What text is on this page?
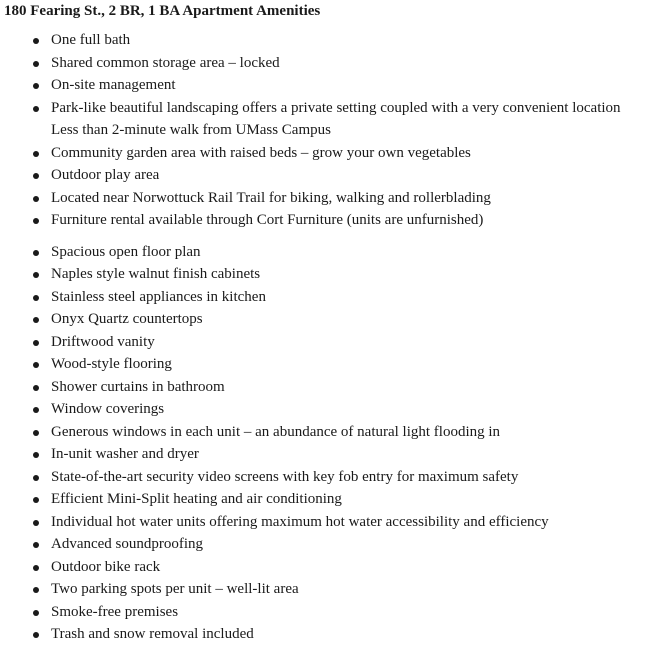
180 Fearing St., 2 BR, 1 BA Apartment Amenities
One full bath
Shared common storage area – locked
On-site management
Park-like beautiful landscaping offers a private setting coupled with a very convenient location
Less than 2-minute walk from UMass Campus
Community garden area with raised beds – grow your own vegetables
Outdoor play area
Located near Norwottuck Rail Trail for biking, walking and rollerblading
Furniture rental available through Cort Furniture (units are unfurnished)
Spacious open floor plan
Naples style walnut finish cabinets
Stainless steel appliances in kitchen
Onyx Quartz countertops
Driftwood vanity
Wood-style flooring
Shower curtains in bathroom
Window coverings
Generous windows in each unit – an abundance of natural light flooding in
In-unit washer and dryer
State-of-the-art security video screens with key fob entry for maximum safety
Efficient Mini-Split heating and air conditioning
Individual hot water units offering maximum hot water accessibility and efficiency
Advanced soundproofing
Outdoor bike rack
Two parking spots per unit – well-lit area
Smoke-free premises
Trash and snow removal included
